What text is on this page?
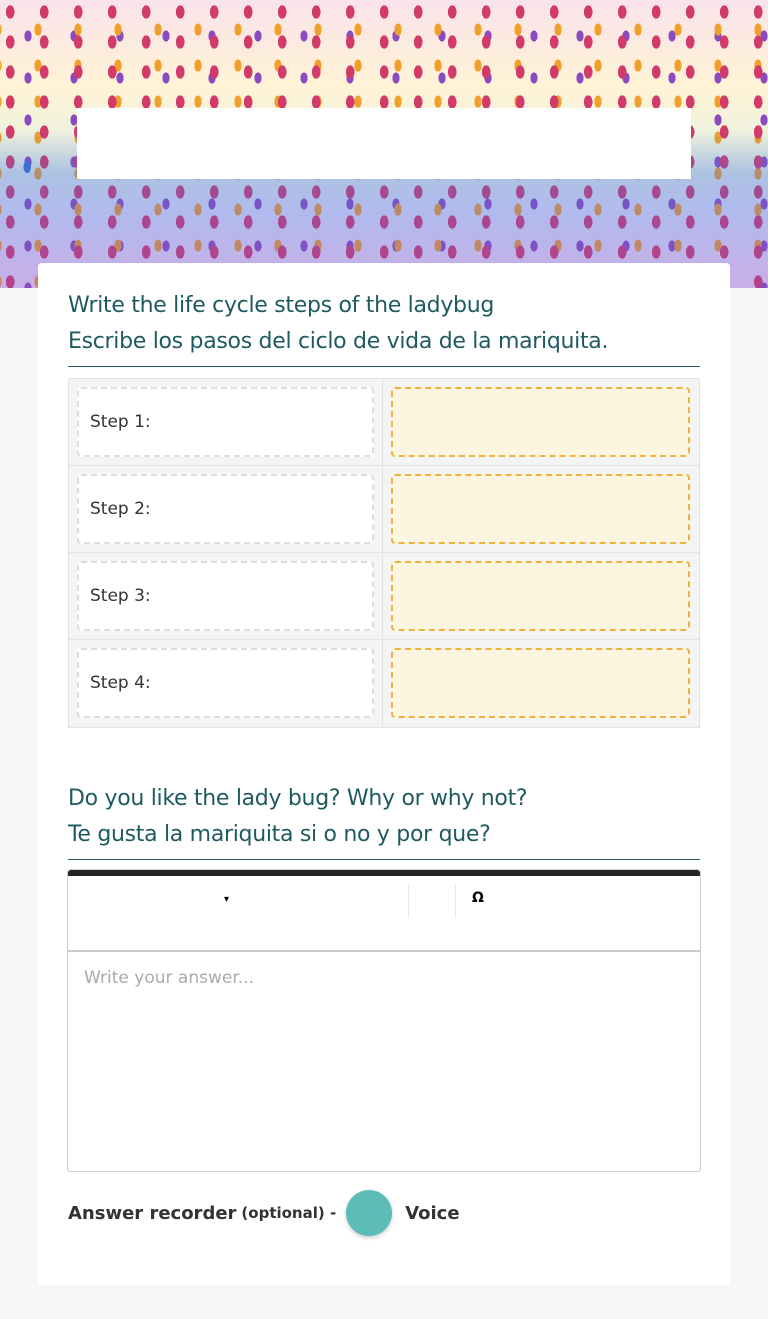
Write the life cycle steps of the ladybug
Escribe los pasos del ciclo de vida de la mariquita.
Step 1:
Step 2:
Step 3:
Step 4:
Do you like the lady bug? Why or why not?
Te gusta la mariquita si o no y por que?
▾	Ω
Write your answer...
Answer recorder (optional) -	Voice
